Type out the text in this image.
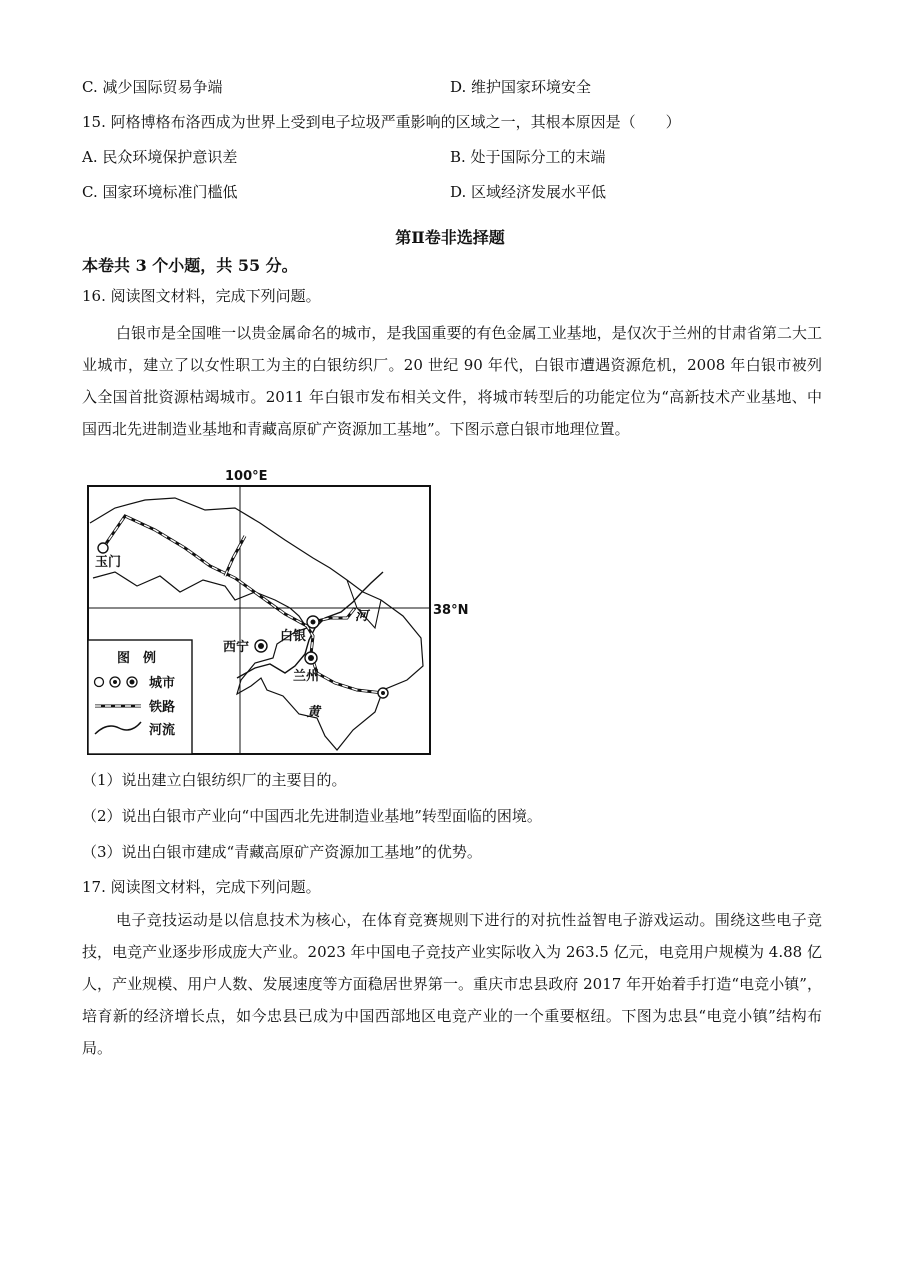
C. 减少国际贸易争端	D. 维护国家环境安全
15. 阿格博格布洛西成为世界上受到电子垃圾严重影响的区域之一，其根本原因是（　　）
A. 民众环境保护意识差	B. 处于国际分工的末端
C. 国家环境标准门槛低	D. 区域经济发展水平低
第Ⅱ卷非选择题
本卷共 3 个小题，共 55 分。
16. 阅读图文材料，完成下列问题。
白银市是全国唯一以贵金属命名的城市，是我国重要的有色金属工业基地，是仅次于兰州的甘肃省第二大工业城市，建立了以女性职工为主的白银纺织厂。20 世纪 90 年代，白银市遭遇资源危机，2008 年白银市被列入全国首批资源枯竭城市。2011 年白银市发布相关文件，将城市转型后的功能定位为“高新技术产业基地、中国西北先进制造业基地和青藏高原矿产资源加工基地”。下图示意白银市地理位置。
100°E
38°N
玉门
白银
西宁
兰州
河
黄
图　例
城市
铁路
河流
（1）说出建立白银纺织厂的主要目的。
（2）说出白银市产业向“中国西北先进制造业基地”转型面临的困境。
（3）说出白银市建成“青藏高原矿产资源加工基地”的优势。
17. 阅读图文材料，完成下列问题。
电子竞技运动是以信息技术为核心，在体育竞赛规则下进行的对抗性益智电子游戏运动。围绕这些电子竞技，电竞产业逐步形成庞大产业。2023 年中国电子竞技产业实际收入为 263.5 亿元，电竞用户规模为 4.88 亿人，产业规模、用户人数、发展速度等方面稳居世界第一。重庆市忠县政府 2017 年开始着手打造“电竞小镇”，培育新的经济增长点，如今忠县已成为中国西部地区电竞产业的一个重要枢纽。下图为忠县“电竞小镇”结构布局。
